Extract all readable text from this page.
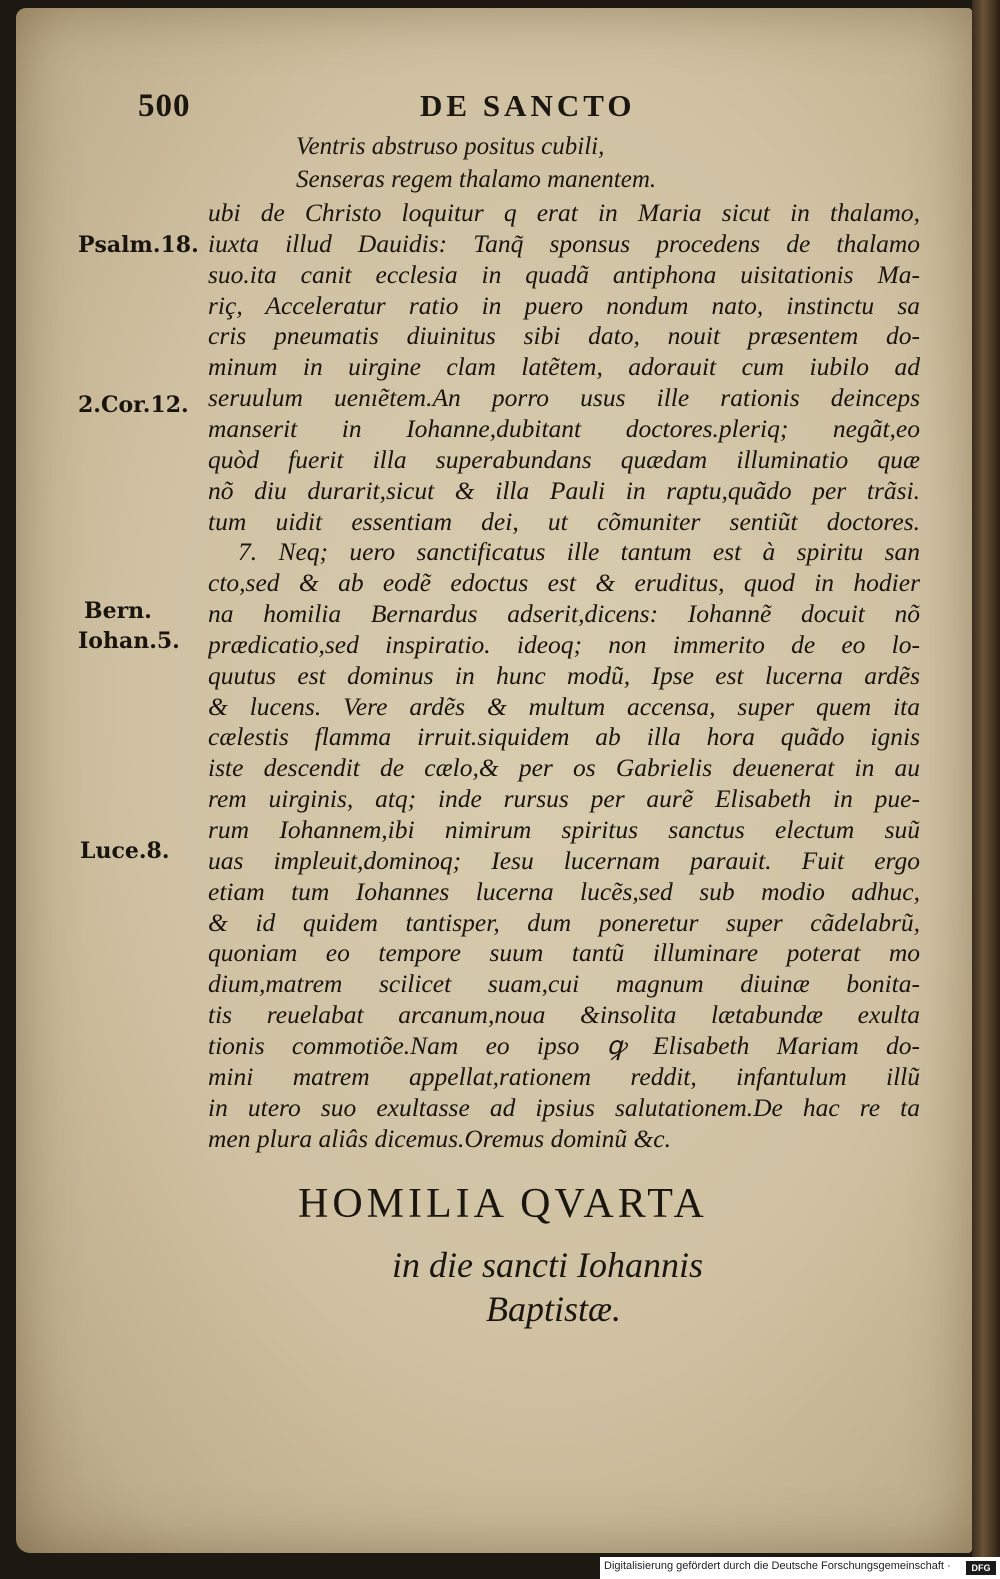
500	DE SANCTO
Ventris abstruso positus cubili,
Senseras regem thalamo manentem.
ubi de Christo loquitur q erat in Maria sicut in thalamo,
iuxta illud Dauidis: Tanq̃ sponsus procedens de thalamo
suo.ita canit ecclesia in quadã antiphona uisitationis Ma-
riç, Acceleratur ratio in puero nondum nato, instinctu sa
cris pneumatis diuinitus sibi dato, nouit præsentem do-
minum in uirgine clam latẽtem, adorauit cum iubilo ad
seruulum uenıẽtem.An porro usus ille rationis deinceps
manserit in Iohanne,dubitant doctores.pleriq; negãt,eo
quòd fuerit illa superabundans quædam illuminatio quæ
nõ diu durarit,sicut & illa Pauli in raptu,quãdo per trãsi.
tum uidit essentiam dei, ut cõmuniter sentiũt doctores.
7. Neq; uero sanctificatus ille tantum est à spiritu san
cto,sed & ab eodẽ edoctus est & eruditus, quod in hodier
na homilia Bernardus adserit,dicens: Iohannẽ docuit nõ
prædicatio,sed inspiratio. ideoq; non immerito de eo lo-
quutus est dominus in hunc modũ, Ipse est lucerna ardẽs
& lucens. Vere ardẽs & multum accensa, super quem ita
cælestis flamma irruit.siquidem ab illa hora quãdo ignis
iste descendit de cælo,& per os Gabrielis deuenerat in au
rem uirginis, atq; inde rursus per aurẽ Elisabeth in pue-
rum Iohannem,ibi nimirum spiritus sanctus electum suũ
uas impleuit,dominoq; Iesu lucernam parauit. Fuit ergo
etiam tum Iohannes lucerna lucẽs,sed sub modio adhuc,
& id quidem tantisper, dum poneretur super cãdelabrũ,
quoniam eo tempore suum tantũ illuminare poterat mo
dium,matrem scilicet suam,cui magnum diuinæ bonita-
tis reuelabat arcanum,noua &insolita lætabundæ exulta
tionis commotiõe.Nam eo ipso ꝙ Elisabeth Mariam do-
mini matrem appellat,rationem reddit, infantulum illũ
in utero suo exultasse ad ipsius salutationem.De hac re ta
men plura aliâs dicemus.Oremus dominũ &c.
Psalm.18.
2.Cor.12.
Bern.
Iohan.5.
Luce.8.
HOMILIA QVARTA
in die sancti Iohannis
Baptistæ.
Digitalisierung gefördert durch die Deutsche Forschungsgemeinschaft ·	DFG
